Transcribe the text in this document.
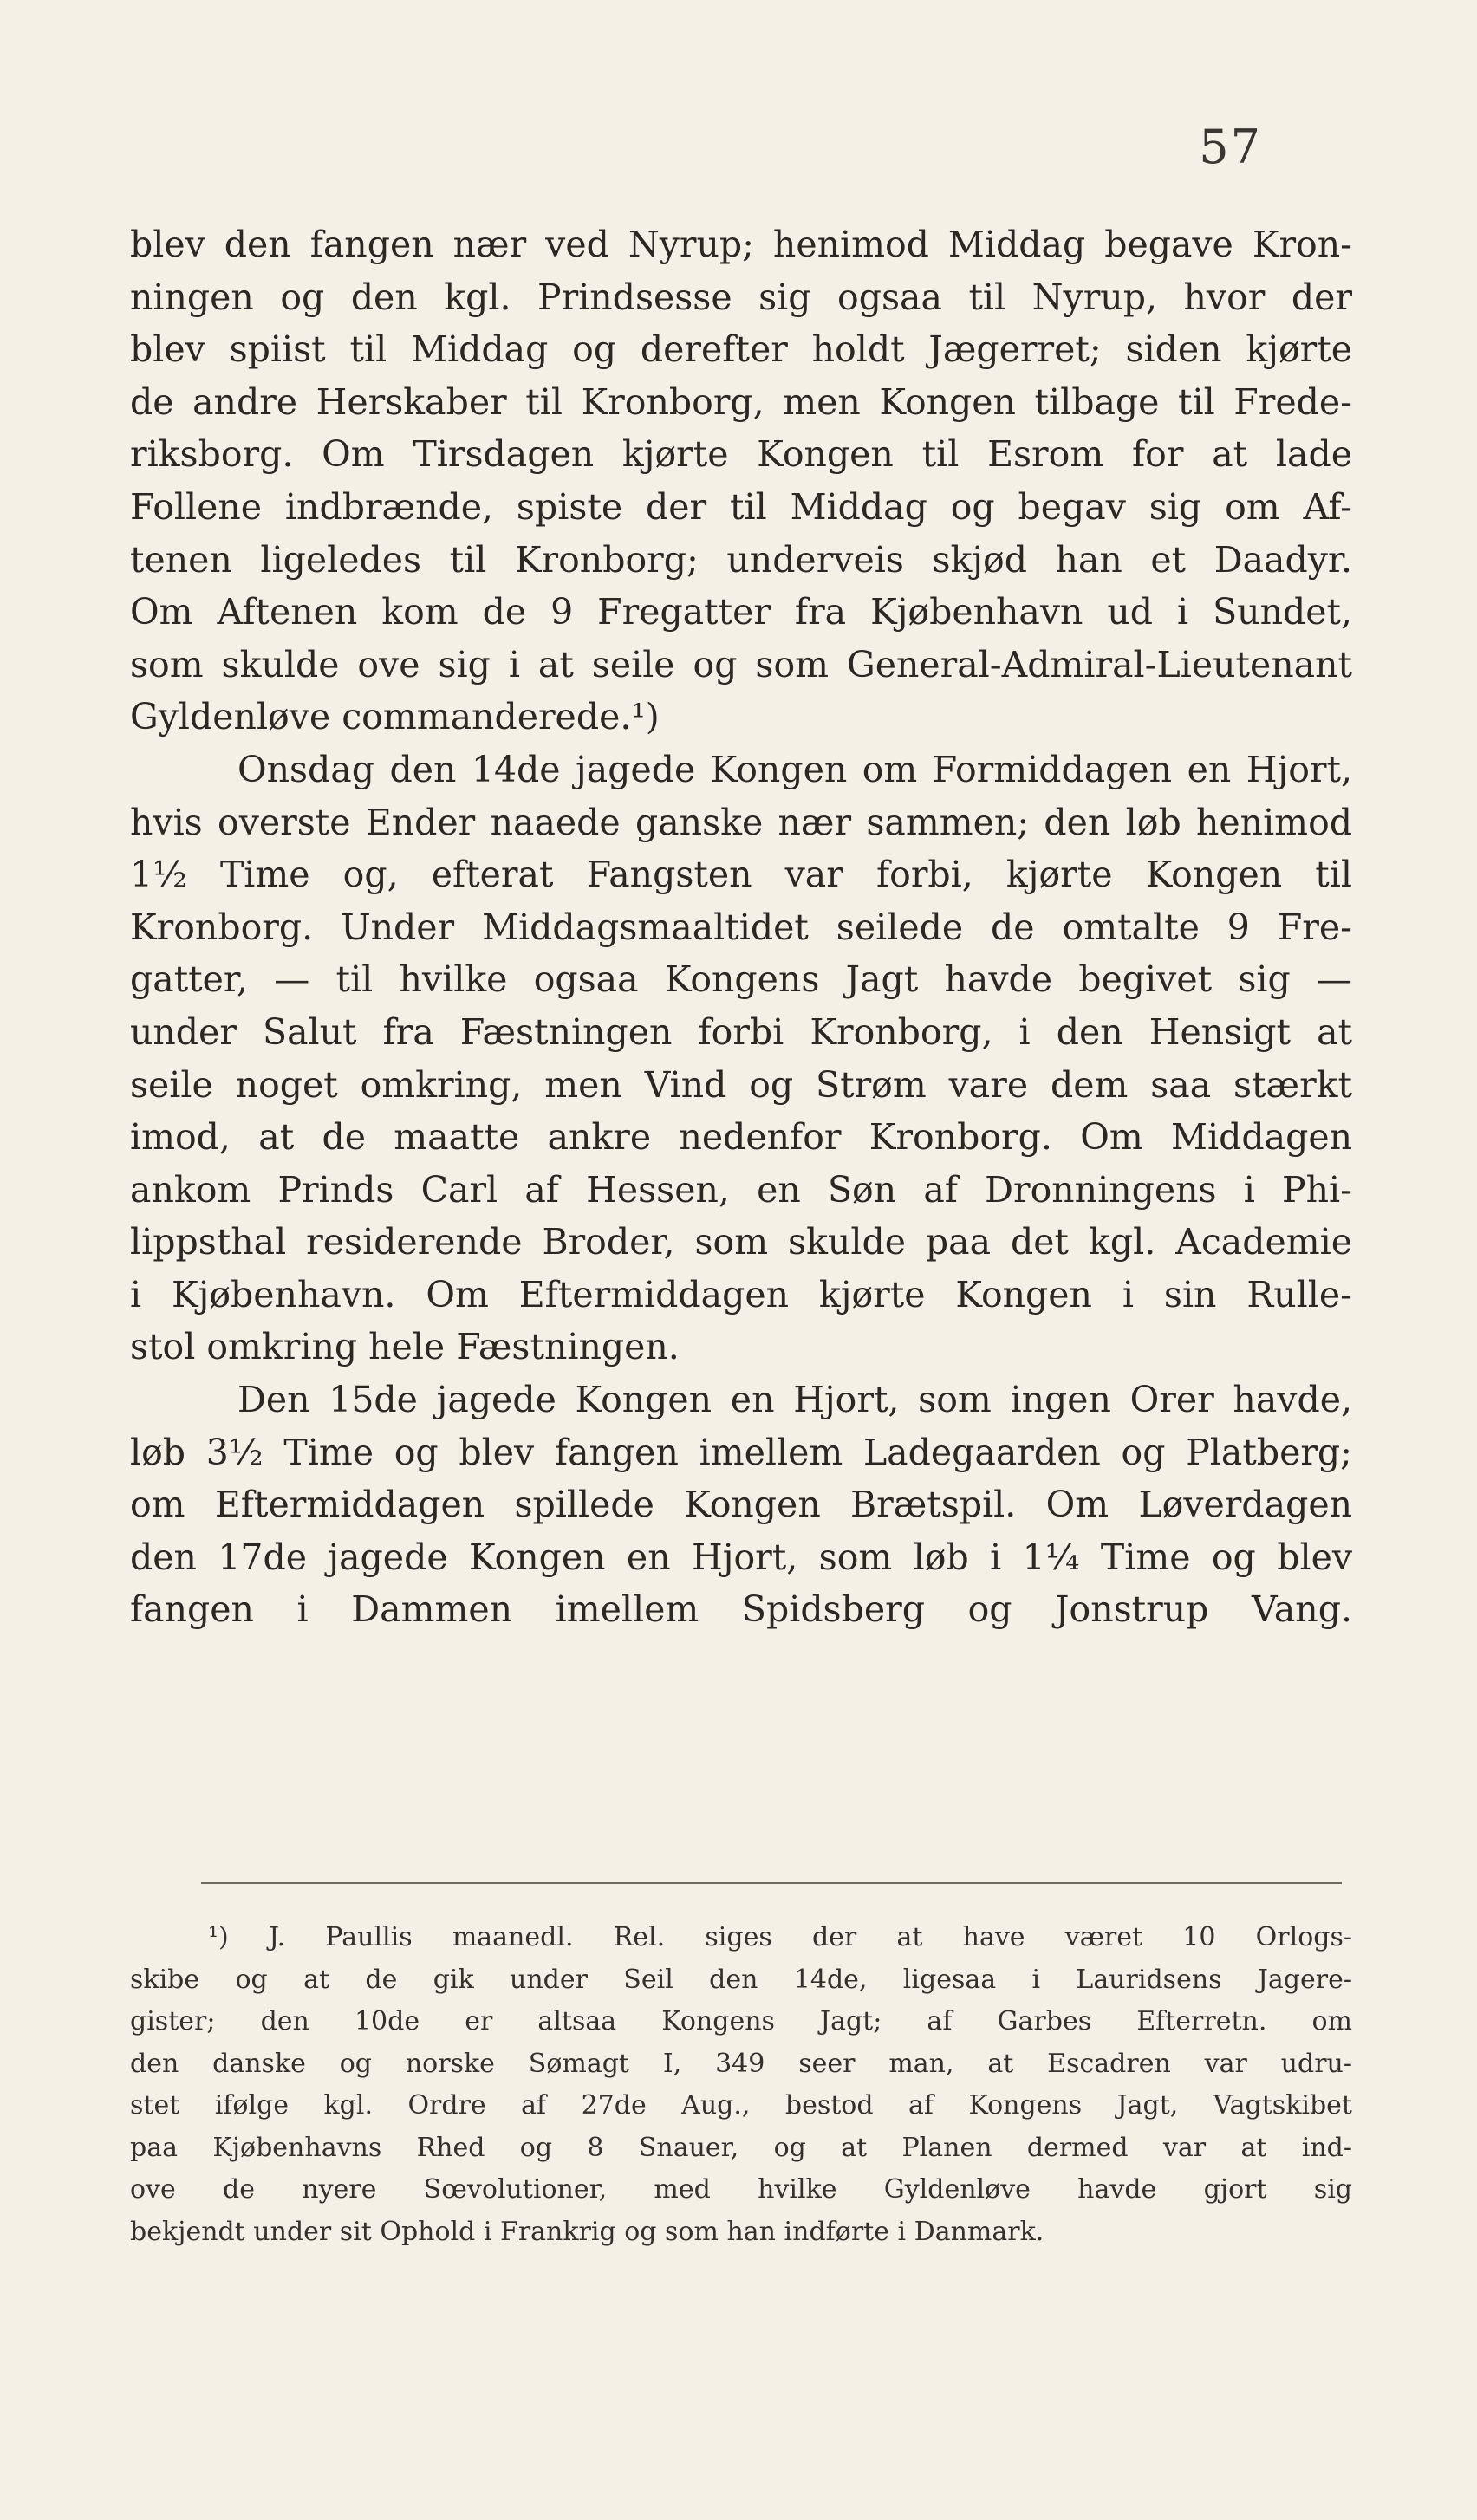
57
blev den fangen nær ved Nyrup; henimod Middag begave Kron-
ningen og den kgl. Prindsesse sig ogsaa til Nyrup, hvor der
blev spiist til Middag og derefter holdt Jægerret; siden kjørte
de andre Herskaber til Kronborg, men Kongen tilbage til Frede-
riksborg. Om Tirsdagen kjørte Kongen til Esrom for at lade
Follene indbrænde, spiste der til Middag og begav sig om Af-
tenen ligeledes til Kronborg; underveis skjød han et Daadyr.
Om Aftenen kom de 9 Fregatter fra Kjøbenhavn ud i Sundet,
som skulde ove sig i at seile og som General-Admiral-Lieutenant
Gyldenløve commanderede.¹)
Onsdag den 14de jagede Kongen om Formiddagen en Hjort,
hvis overste Ender naaede ganske nær sammen; den løb henimod
1½ Time og, efterat Fangsten var forbi, kjørte Kongen til
Kronborg. Under Middagsmaaltidet seilede de omtalte 9 Fre-
gatter, — til hvilke ogsaa Kongens Jagt havde begivet sig —
under Salut fra Fæstningen forbi Kronborg, i den Hensigt at
seile noget omkring, men Vind og Strøm vare dem saa stærkt
imod, at de maatte ankre nedenfor Kronborg. Om Middagen
ankom Prinds Carl af Hessen, en Søn af Dronningens i Phi-
lippsthal residerende Broder, som skulde paa det kgl. Academie
i Kjøbenhavn. Om Eftermiddagen kjørte Kongen i sin Rulle-
stol omkring hele Fæstningen.
Den 15de jagede Kongen en Hjort, som ingen Orer havde,
løb 3½ Time og blev fangen imellem Ladegaarden og Platberg;
om Eftermiddagen spillede Kongen Brætspil. Om Løverdagen
den 17de jagede Kongen en Hjort, som løb i 1¼ Time og blev
fangen i Dammen imellem Spidsberg og Jonstrup Vang.
¹) J. Paullis maanedl. Rel. siges der at have været 10 Orlogs-
skibe og at de gik under Seil den 14de, ligesaa i Lauridsens Jagere-
gister; den 10de er altsaa Kongens Jagt; af Garbes Efterretn. om
den danske og norske Sømagt I, 349 seer man, at Escadren var udru-
stet ifølge kgl. Ordre af 27de Aug., bestod af Kongens Jagt, Vagtskibet
paa Kjøbenhavns Rhed og 8 Snauer, og at Planen dermed var at ind-
ove de nyere Sœvolutioner, med hvilke Gyldenløve havde gjort sig
bekjendt under sit Ophold i Frankrig og som han indførte i Danmark.
